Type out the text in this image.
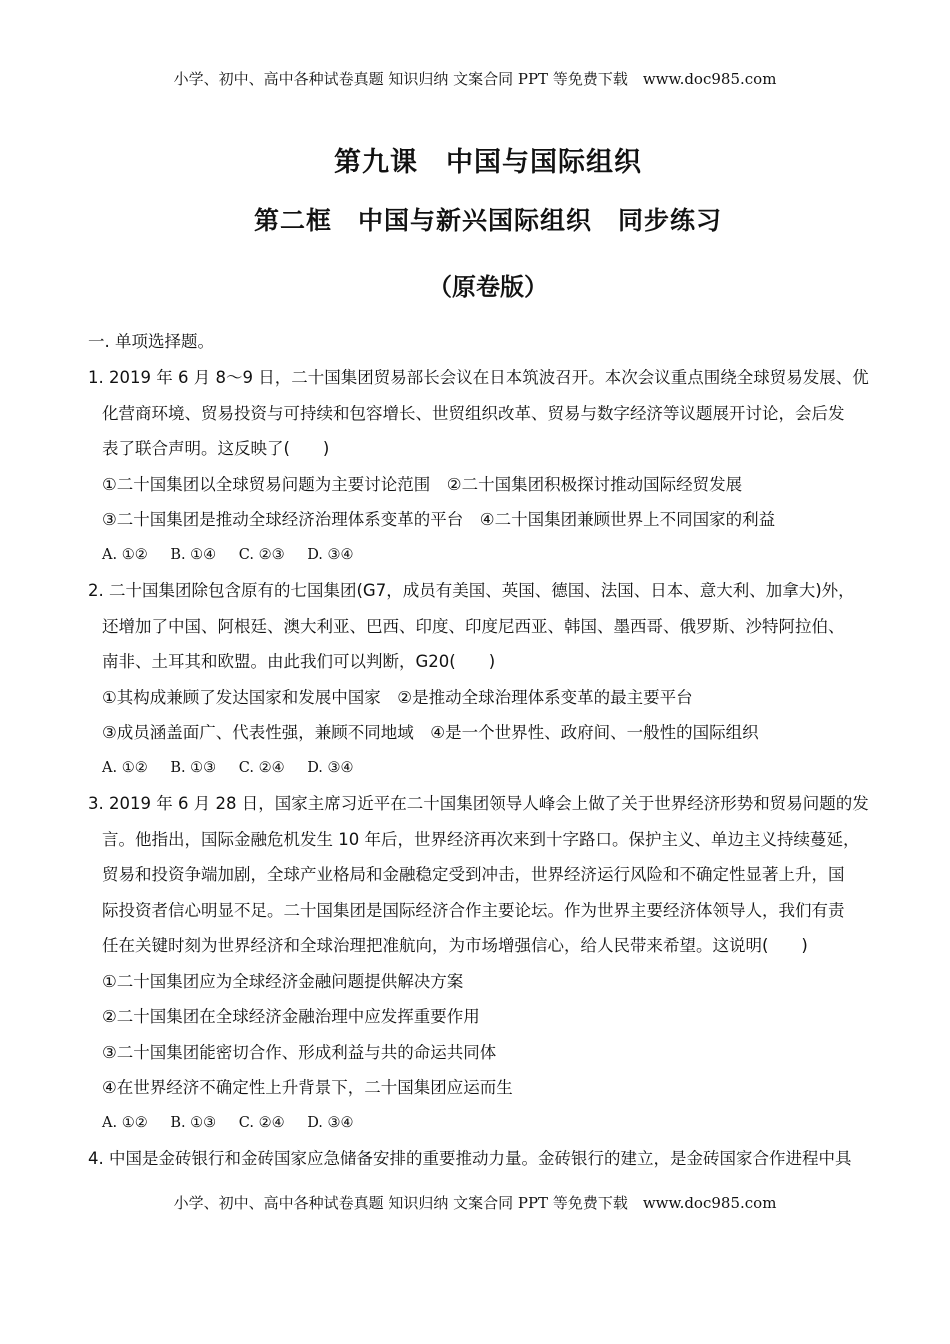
小学、初中、高中各种试卷真题 知识归纳 文案合同 PPT 等免费下载　www.doc985.com
第九课　中国与国际组织
第二框　中国与新兴国际组织　同步练习
（原卷版）
一. 单项选择题。
1. 2019 年 6 月 8～9 日，二十国集团贸易部长会议在日本筑波召开。本次会议重点围绕全球贸易发展、优
化营商环境、贸易投资与可持续和包容增长、世贸组织改革、贸易与数字经济等议题展开讨论，会后发
表了联合声明。这反映了(　　)
①二十国集团以全球贸易问题为主要讨论范围　②二十国集团积极探讨推动国际经贸发展
③二十国集团是推动全球经济治理体系变革的平台　④二十国集团兼顾世界上不同国家的利益
A. ①② B. ①④ C. ②③ D. ③④
2. 二十国集团除包含原有的七国集团(G7，成员有美国、英国、德国、法国、日本、意大利、加拿大)外，
还增加了中国、阿根廷、澳大利亚、巴西、印度、印度尼西亚、韩国、墨西哥、俄罗斯、沙特阿拉伯、
南非、土耳其和欧盟。由此我们可以判断，G20(　　)
①其构成兼顾了发达国家和发展中国家　②是推动全球治理体系变革的最主要平台
③成员涵盖面广、代表性强，兼顾不同地域　④是一个世界性、政府间、一般性的国际组织
A. ①② B. ①③ C. ②④ D. ③④
3. 2019 年 6 月 28 日，国家主席习近平在二十国集团领导人峰会上做了关于世界经济形势和贸易问题的发
言。他指出，国际金融危机发生 10 年后，世界经济再次来到十字路口。保护主义、单边主义持续蔓延，
贸易和投资争端加剧，全球产业格局和金融稳定受到冲击，世界经济运行风险和不确定性显著上升，国
际投资者信心明显不足。二十国集团是国际经济合作主要论坛。作为世界主要经济体领导人，我们有责
任在关键时刻为世界经济和全球治理把准航向，为市场增强信心，给人民带来希望。这说明(　　)
①二十国集团应为全球经济金融问题提供解决方案
②二十国集团在全球经济金融治理中应发挥重要作用
③二十国集团能密切合作、形成利益与共的命运共同体
④在世界经济不确定性上升背景下，二十国集团应运而生
A. ①② B. ①③ C. ②④ D. ③④
4. 中国是金砖银行和金砖国家应急储备安排的重要推动力量。金砖银行的建立，是金砖国家合作进程中具
小学、初中、高中各种试卷真题 知识归纳 文案合同 PPT 等免费下载　www.doc985.com
